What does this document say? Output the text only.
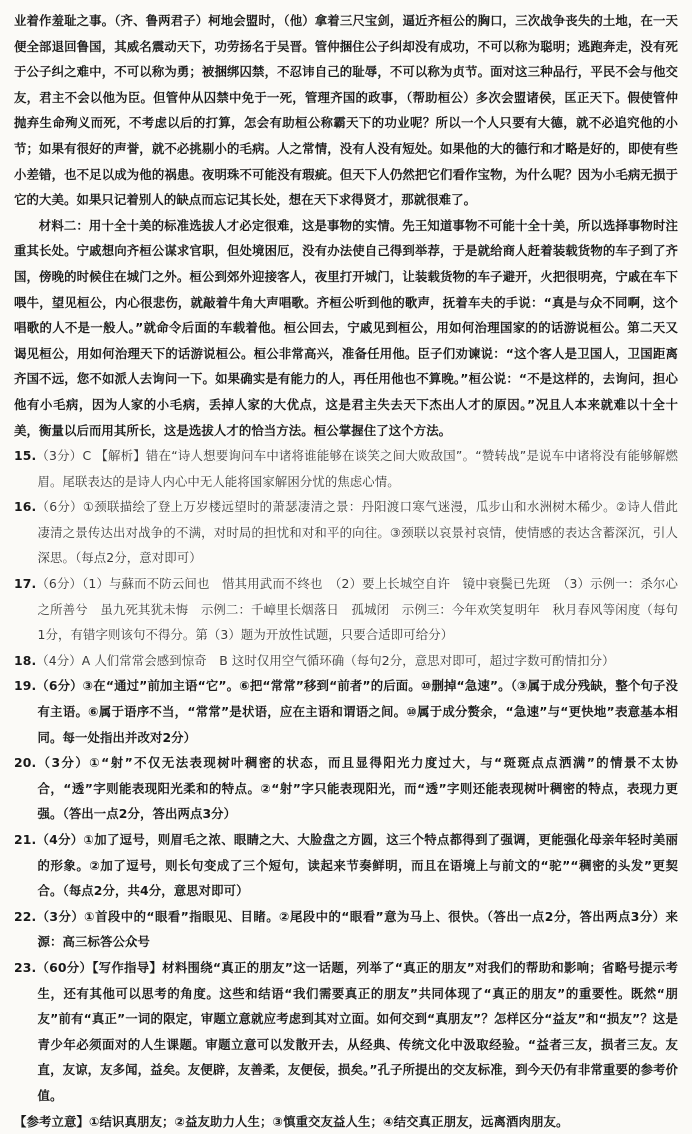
业着作羞耻之事。（齐、鲁两君子）柯地会盟时，（他）拿着三尺宝剑，逼近齐桓公的胸口，三次战争丧失的土地，在一天便全部退回鲁国，其威名震动天下，功劳扬名于吴晋。管仲捆住公子纠却没有成功，不可以称为聪明；逃跑奔走，没有死于公子纠之难中，不可以称为勇；被捆绑囚禁，不忍讳自己的耻辱，不可以称为贞节。面对这三种品行，平民不会与他交友，君主不会以他为臣。但管仲从囚禁中免于一死，管理齐国的政事，（帮助桓公）多次会盟诸侯，匡正天下。假使管仲抛弃生命殉义而死，不考虑以后的打算，怎会有助桓公称霸天下的功业呢？所以一个人只要有大德，就不必追究他的小节；如果有很好的声誉，就不必挑剔小的毛病。人之常情，没有人没有短处。如果他的大的德行和才略是好的，即使有些小差错，也不足以成为他的祸患。夜明珠不可能没有瑕疵。但天下人仍然把它们看作宝物，为什么呢？因为小毛病无损于它的大美。如果只记着别人的缺点而忘记其长处，想在天下求得贤才，那就很难了。

材料二：用十全十美的标准选拔人才必定很难，这是事物的实情。先王知道事物不可能十全十美，所以选择事物时注重其长处。宁戚想向齐桓公谋求官职，但处境困厄，没有办法使自己得到举荐，于是就给商人赶着装载货物的车子到了齐国，傍晚的时候住在城门之外。桓公到郊外迎接客人，夜里打开城门，让装载货物的车子避开，火把很明亮，宁戚在车下喂牛，望见桓公，内心很悲伤，就敲着牛角大声唱歌。齐桓公听到他的歌声，抚着车夫的手说：“真是与众不同啊，这个唱歌的人不是一般人。”就命令后面的车载着他。桓公回去，宁戚见到桓公，用如何治理国家的的话游说桓公。第二天又谒见桓公，用如何治理天下的话游说桓公。桓公非常高兴，准备任用他。臣子们劝谏说：“这个客人是卫国人，卫国距离齐国不远，您不如派人去询问一下。如果确实是有能力的人，再任用他也不算晚。”桓公说：“不是这样的，去询问，担心他有小毛病，因为人家的小毛病，丢掉人家的大优点，这是君主失去天下杰出人才的原因。”况且人本来就难以十全十美，衡量以后而用其所长，这是选拔人才的恰当方法。桓公掌握住了这个方法。

15.（3分）C 【解析】错在“诗人想要询问车中诸将谁能够在谈笑之间大败敌国”。“赞转战”是说车中诸将没有能够解燃眉。尾联表达的是诗人内心中无人能将国家解困分忧的焦虑心情。

16.（6分）①颈联描绘了登上万岁楼远望时的萧瑟凄清之景：丹阳渡口寒气迷漫，瓜步山和水洲树木稀少。②诗人借此凄清之景传达出对战争的不满，对时局的担忧和对和平的向往。③颈联以哀景衬哀情，使情感的表达含蓄深沉，引人深思。（每点2分，意对即可）

17.（6分）（1）与蘇而不防云间也　惜其用武而不终也　（2）要上长城空自许　镜中衰鬓已先斑　（3）示例一：杀尔心之所善兮　虽九死其犹未悔　示例二：千嶂里长烟落日　孤城闭　示例三：今年欢笑复明年　秋月春风等闲度（每句1分，有错字则该句不得分。第（3）题为开放性试题，只要合适即可给分）

18.（4分）A 人们常常会感到惊奇　B 这时仅用空气循环确（每句2分，意思对即可，超过字数可酌情扣分）

19.（6分）③在“通过”前加主语“它”。⑥把“常常”移到“前者”的后面。⑩删掉“急速”。（③属于成分残缺，整个句子没有主语。⑥属于语序不当，“常常”是状语，应在主语和谓语之间。⑩属于成分赘余，“急速”与“更快地”表意基本相同。每一处指出并改对2分）

20.（3分）①“射”不仅无法表现树叶稠密的状态，而且显得阳光力度过大，与“斑斑点点洒满”的情景不太协合，“透”字则能表现阳光柔和的特点。②“射”字只能表现阳光，而“透”字则还能表现树叶稠密的特点，表现力更强。（答出一点2分，答出两点3分）

21.（4分）①加了逗号，则眉毛之浓、眼睛之大、大脸盘之方圆，这三个特点都得到了强调，更能强化母亲年轻时美丽的形象。②加了逗号，则长句变成了三个短句，读起来节奏鲜明，而且在语境上与前文的“驼”“稠密的头发”更契合。（每点2分，共4分，意思对即可）

22.（3分）①首段中的“眼看”指眼见、目睹。②尾段中的“眼看”意为马上、很快。（答出一点2分，答出两点3分）来源：高三标答公众号

23.（60分）【写作指导】材料围绕“真正的朋友”这一话题，列举了“真正的朋友”对我们的帮助和影响；省略号提示考生，还有其他可以思考的角度。这些和结语“我们需要真正的朋友”共同体现了“真正的朋友”的重要性。既然“朋友”前有“真正”一词的限定，审题立意就应考虑到其对立面。如何交到“真朋友”？怎样区分“益友”和“损友”？这是青少年必须面对的人生课题。审题立意可以发散开去，从经典、传统文化中汲取经验。“益者三友，损者三友。友直，友谅，友多闻，益矣。友便辟，友善柔，友便佞，损矣。”孔子所提出的交友标准，到今天仍有非常重要的参考价值。

【参考立意】①结识真朋友；②益友助力人生；③慎重交友益人生；④结交真正朋友，远离酒肉朋友。
